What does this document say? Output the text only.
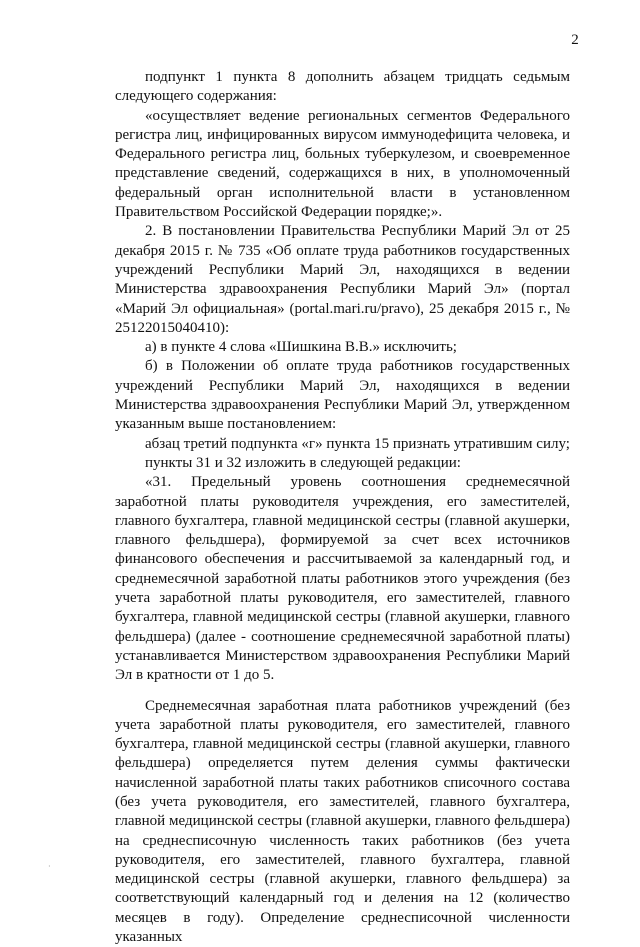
2

подпункт 1 пункта 8 дополнить абзацем тридцать седьмым следующего содержания:

«осуществляет ведение региональных сегментов Федерального регистра лиц, инфицированных вирусом иммунодефицита человека, и Федерального регистра лиц, больных туберкулезом, и своевременное представление сведений, содержащихся в них, в уполномоченный федеральный орган исполнительной власти в установленном Правительством Российской Федерации порядке;».

2. В постановлении Правительства Республики Марий Эл от 25 декабря 2015 г. № 735 «Об оплате труда работников государственных учреждений Республики Марий Эл, находящихся в ведении Министерства здравоохранения Республики Марий Эл» (портал «Марий Эл официальная» (portal.mari.ru/pravo), 25 декабря 2015 г., № 25122015040410):

а) в пункте 4 слова «Шишкина В.В.» исключить;

б) в Положении об оплате труда работников государственных учреждений Республики Марий Эл, находящихся в ведении Министерства здравоохранения Республики Марий Эл, утвержденном указанным выше постановлением:

абзац третий подпункта «г» пункта 15 признать утратившим силу;

пункты 31 и 32 изложить в следующей редакции:

«31. Предельный уровень соотношения среднемесячной заработной платы руководителя учреждения, его заместителей, главного бухгалтера, главной медицинской сестры (главной акушерки, главного фельдшера), формируемой за счет всех источников финансового обеспечения и рассчитываемой за календарный год, и среднемесячной заработной платы работников этого учреждения (без учета заработной платы руководителя, его заместителей, главного бухгалтера, главной медицинской сестры (главной акушерки, главного фельдшера) (далее - соотношение среднемесячной заработной платы) устанавливается Министерством здравоохранения Республики Марий Эл в кратности от 1 до 5.

Среднемесячная заработная плата работников учреждений (без учета заработной платы руководителя, его заместителей, главного бухгалтера, главной медицинской сестры (главной акушерки, главного фельдшера) определяется путем деления суммы фактически начисленной заработной платы таких работников списочного состава (без учета руководителя, его заместителей, главного бухгалтера, главной медицинской сестры (главной акушерки, главного фельдшера) на среднесписочную численность таких работников (без учета руководителя, его заместителей, главного бухгалтера, главной медицинской сестры (главной акушерки, главного фельдшера) за соответствующий календарный год и деления на 12 (количество месяцев в году). Определение среднесписочной численности указанных

·
